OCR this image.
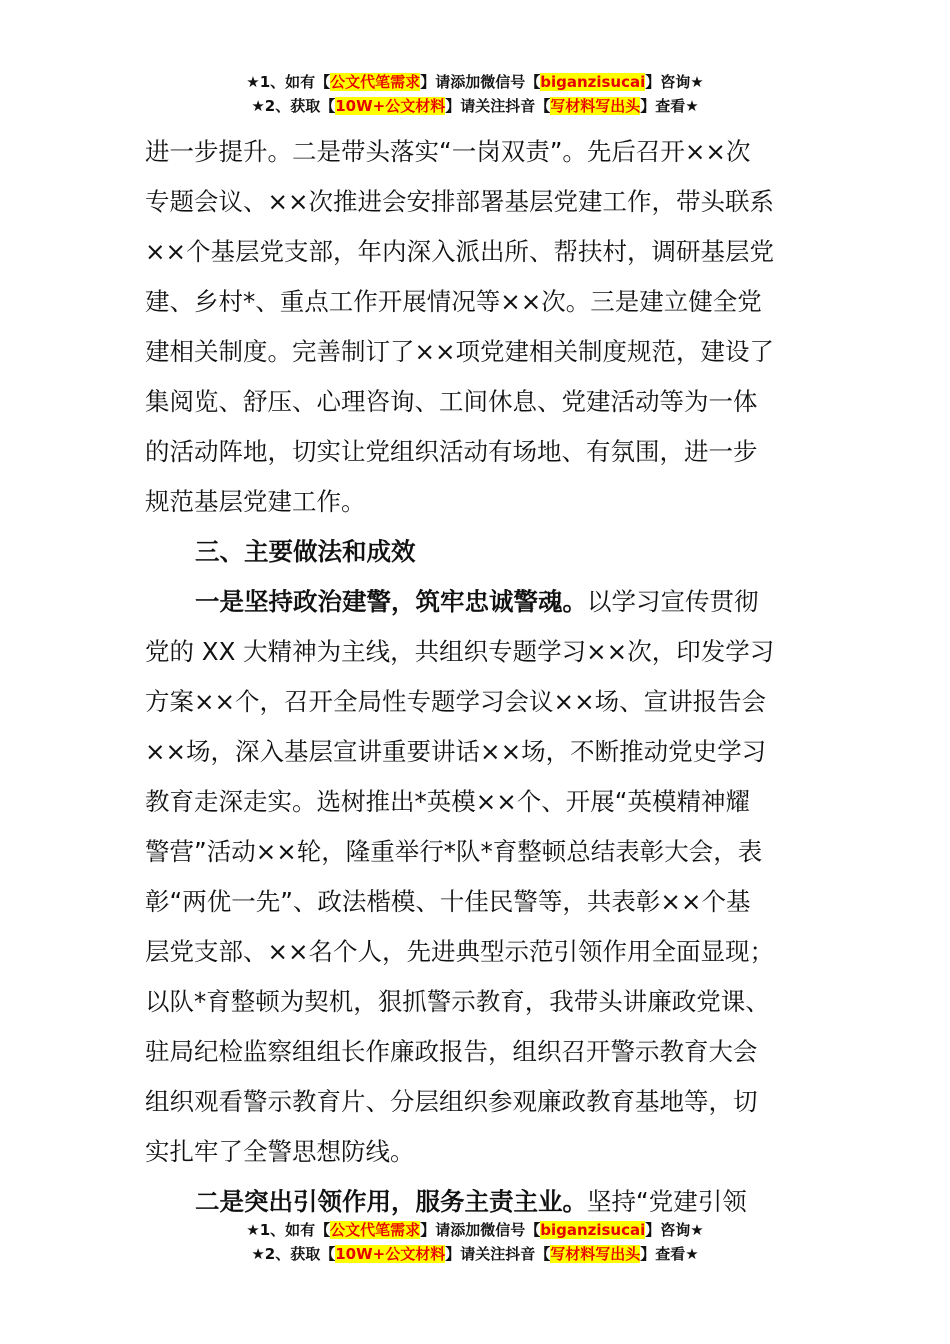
★1、如有【公文代笔需求】请添加微信号【biganzisucai】咨询★
★2、获取【10W+公文材料】请关注抖音【写材料写出头】查看★
进一步提升。二是带头落实“一岗双责”。先后召开××次
专题会议、××次推进会安排部署基层党建工作，带头联系
××个基层党支部，年内深入派出所、帮扶村，调研基层党
建、乡村*、重点工作开展情况等××次。三是建立健全党
建相关制度。完善制订了××项党建相关制度规范，建设了
集阅览、舒压、心理咨询、工间休息、党建活动等为一体
的活动阵地，切实让党组织活动有场地、有氛围，进一步
规范基层党建工作。
三、主要做法和成效
一是坚持政治建警，筑牢忠诚警魂。以学习宣传贯彻
党的 XX 大精神为主线，共组织专题学习××次，印发学习
方案××个，召开全局性专题学习会议××场、宣讲报告会
××场，深入基层宣讲重要讲话××场，不断推动党史学习
教育走深走实。选树推出*英模××个、开展“英模精神耀
警营”活动××轮，隆重举行*队*育整顿总结表彰大会，表
彰“两优一先”、政法楷模、十佳民警等，共表彰××个基
层党支部、××名个人，先进典型示范引领作用全面显现；
以队*育整顿为契机，狠抓警示教育，我带头讲廉政党课、
驻局纪检监察组组长作廉政报告，组织召开警示教育大会
组织观看警示教育片、分层组织参观廉政教育基地等，切
实扎牢了全警思想防线。
二是突出引领作用，服务主责主业。坚持“党建引领
★1、如有【公文代笔需求】请添加微信号【biganzisucai】咨询★
★2、获取【10W+公文材料】请关注抖音【写材料写出头】查看★
